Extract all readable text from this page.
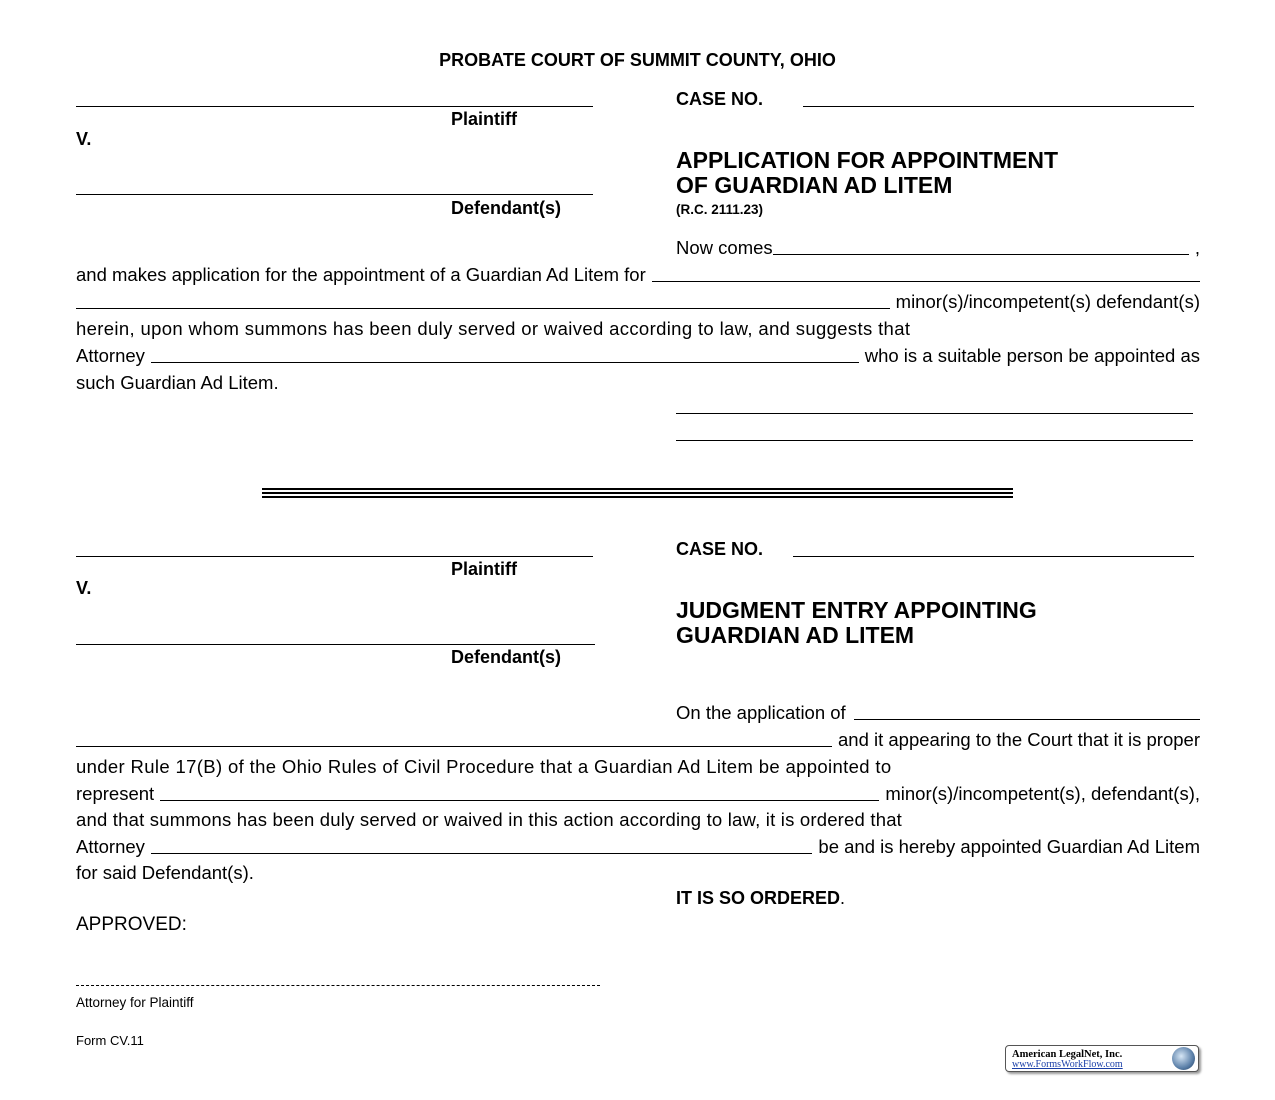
PROBATE COURT OF SUMMIT COUNTY, OHIO
Plaintiff
V.
Defendant(s)
CASE NO.
APPLICATION FOR APPOINTMENT
OF GUARDIAN AD LITEM
(R.C. 2111.23)
Now comes	,
and makes application for the appointment of a Guardian Ad Litem for
minor(s)/incompetent(s) defendant(s)
herein, upon whom summons has been duly served or waived according to law, and suggests that
Attorney	who is a suitable person be appointed as
such Guardian Ad Litem.
Plaintiff
V.
Defendant(s)
CASE NO.
JUDGMENT ENTRY APPOINTING
GUARDIAN AD LITEM
On the application of
and it appearing to the Court that it is proper
under Rule 17(B) of the Ohio Rules of Civil Procedure that a Guardian Ad Litem be appointed to
represent	minor(s)/incompetent(s), defendant(s),
and that summons has been duly served or waived in this action according to law, it is ordered that
Attorney	be and is hereby appointed Guardian Ad Litem
for said Defendant(s).
IT IS SO ORDERED.
APPROVED:
Attorney for Plaintiff
Form CV.11
American LegalNet, Inc.
www.FormsWorkFlow.com
